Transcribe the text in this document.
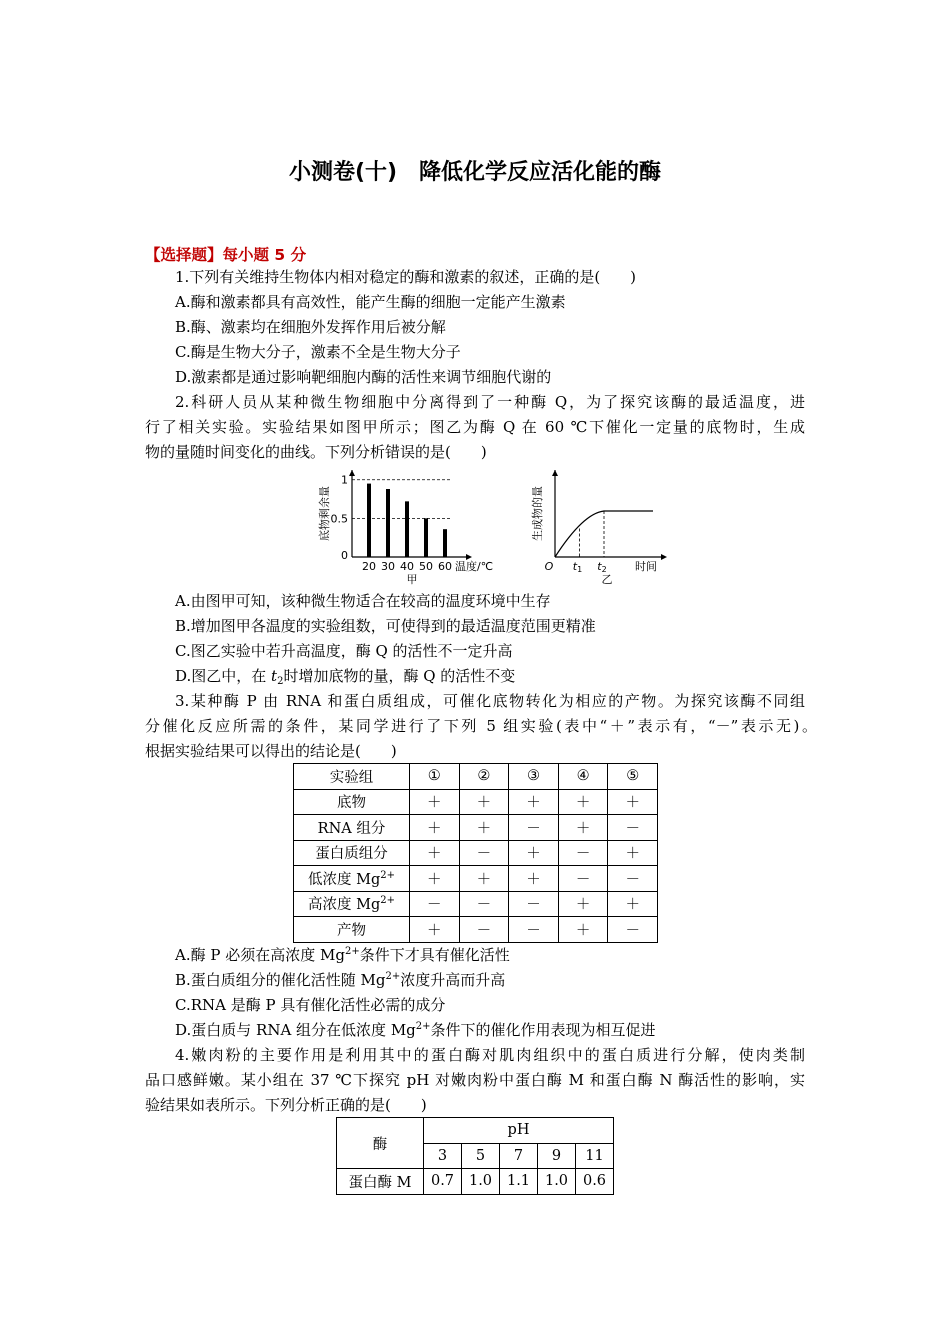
小测卷(十)　降低化学反应活化能的酶
【选择题】每小题 5 分
1.下列有关维持生物体内相对稳定的酶和激素的叙述，正确的是(　　)
A.酶和激素都具有高效性，能产生酶的细胞一定能产生激素
B.酶、激素均在细胞外发挥作用后被分解
C.酶是生物大分子，激素不全是生物大分子
D.激素都是通过影响靶细胞内酶的活性来调节细胞代谢的
2.科研人员从某种微生物细胞中分离得到了一种酶 Q，为了探究该酶的最适温度，进
行了相关实验。实验结果如图甲所示；图乙为酶 Q 在 60 ℃下催化一定量的底物时，生成
物的量随时间变化的曲线。下列分析错误的是(　　)
0
0.5
1
20 30 40 50 60 温度/℃
甲
底物剩余量
O t1 t2	时间
乙
生成物的量
A.由图甲可知，该种微生物适合在较高的温度环境中生存
B.增加图甲各温度的实验组数，可使得到的最适温度范围更精准
C.图乙实验中若升高温度，酶 Q 的活性不一定升高
D.图乙中，在 $t_2$时增加底物的量，酶 Q 的活性不变
3.某种酶 P 由 RNA 和蛋白质组成，可催化底物转化为相应的产物。为探究该酶不同组
分催化反应所需的条件，某同学进行了下列 5 组实验(表中“＋”表示有，“－”表示无)。
根据实验结果可以得出的结论是(　　)
实验组	①	②	③	④	⑤
底物	＋	＋	＋	＋	＋
RNA 组分	＋	＋	－	＋	－
蛋白质组分	＋	－	＋	－	＋
低浓度 $Mg^{2+}$	＋	＋	＋	－	－
高浓度 $Mg^{2+}$	－	－	－	＋	＋
产物	＋	－	－	＋	－
A.酶 P 必须在高浓度 $Mg^{2+}$条件下才具有催化活性
B.蛋白质组分的催化活性随 $Mg^{2+}$浓度升高而升高
C.RNA 是酶 P 具有催化活性必需的成分
D.蛋白质与 RNA 组分在低浓度 $Mg^{2+}$条件下的催化作用表现为相互促进
4.嫩肉粉的主要作用是利用其中的蛋白酶对肌肉组织中的蛋白质进行分解，使肉类制
品口感鲜嫩。某小组在 37 ℃下探究 pH 对嫩肉粉中蛋白酶 M 和蛋白酶 N 酶活性的影响，实
验结果如表所示。下列分析正确的是(　　)
酶	pH				
	3	5	7	9	11
蛋白酶 M	0.7	1.0	1.1	1.0	0.6
